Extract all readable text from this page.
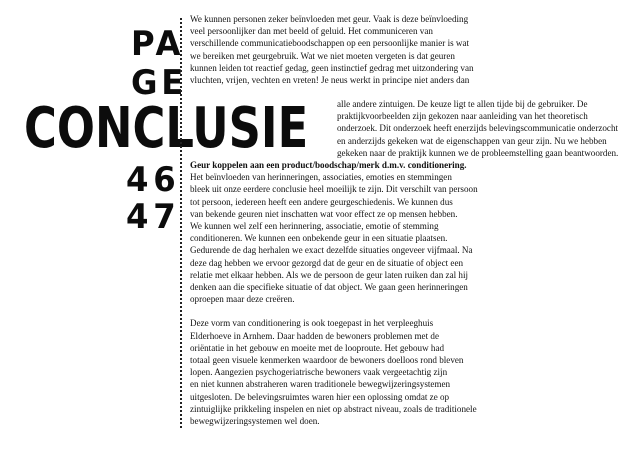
PA
GE
CONCLUSIE
46
47
We kunnen personen zeker beïnvloeden met geur. Vaak is deze beïnvloeding
veel persoonlijker dan met beeld of geluid. Het communiceren van
verschillende communicatieboodschappen op een persoonlijke manier is wat
we bereiken met geurgebruik. Wat we niet moeten vergeten is dat geuren
kunnen leiden tot reactief gedag, geen instinctief gedrag met uitzondering van
vluchten, vrijen, vechten en vreten! Je neus werkt in principe niet anders dan
alle andere zintuigen. De keuze ligt te allen tijde bij de gebruiker. De
praktijkvoorbeelden zijn gekozen naar aanleiding van het theoretisch
onderzoek. Dit onderzoek heeft enerzijds belevingscommunicatie onderzocht
en anderzijds gekeken wat de eigenschappen van geur zijn. Nu we hebben
gekeken naar de praktijk kunnen we de probleemstelling gaan beantwoorden.
Geur koppelen aan een product/boodschap/merk d.m.v. conditionering.
Het beïnvloeden van herinneringen, associaties, emoties en stemmingen
bleek uit onze eerdere conclusie heel moeilijk te zijn. Dit verschilt van persoon
tot persoon, iedereen heeft een andere geurgeschiedenis. We kunnen dus
van bekende geuren niet inschatten wat voor effect ze op mensen hebben.
We kunnen wel zelf een herinnering, associatie, emotie of stemming
conditioneren. We kunnen een onbekende geur in een situatie plaatsen.
Gedurende de dag herhalen we exact dezelfde situaties ongeveer vijfmaal. Na
deze dag hebben we ervoor gezorgd dat de geur en de situatie of object een
relatie met elkaar hebben. Als we de persoon de geur laten ruiken dan zal hij
denken aan die specifieke situatie of dat object. We gaan geen herinneringen
oproepen maar deze creëren.
Deze vorm van conditionering is ook toegepast in het verpleeghuis
Elderhoeve in Arnhem. Daar hadden de bewoners problemen met de
oriëntatie in het gebouw en moeite met de looproute. Het gebouw had
totaal geen visuele kenmerken waardoor de bewoners doelloos rond bleven
lopen. Aangezien psychogeriatrische bewoners vaak vergeetachtig zijn
en niet kunnen abstraheren waren traditionele bewegwijzeringsystemen
uitgesloten. De belevingsruimtes waren hier een oplossing omdat ze op
zintuiglijke prikkeling inspelen en niet op abstract niveau, zoals de traditionele
bewegwijzeringsystemen wel doen.
